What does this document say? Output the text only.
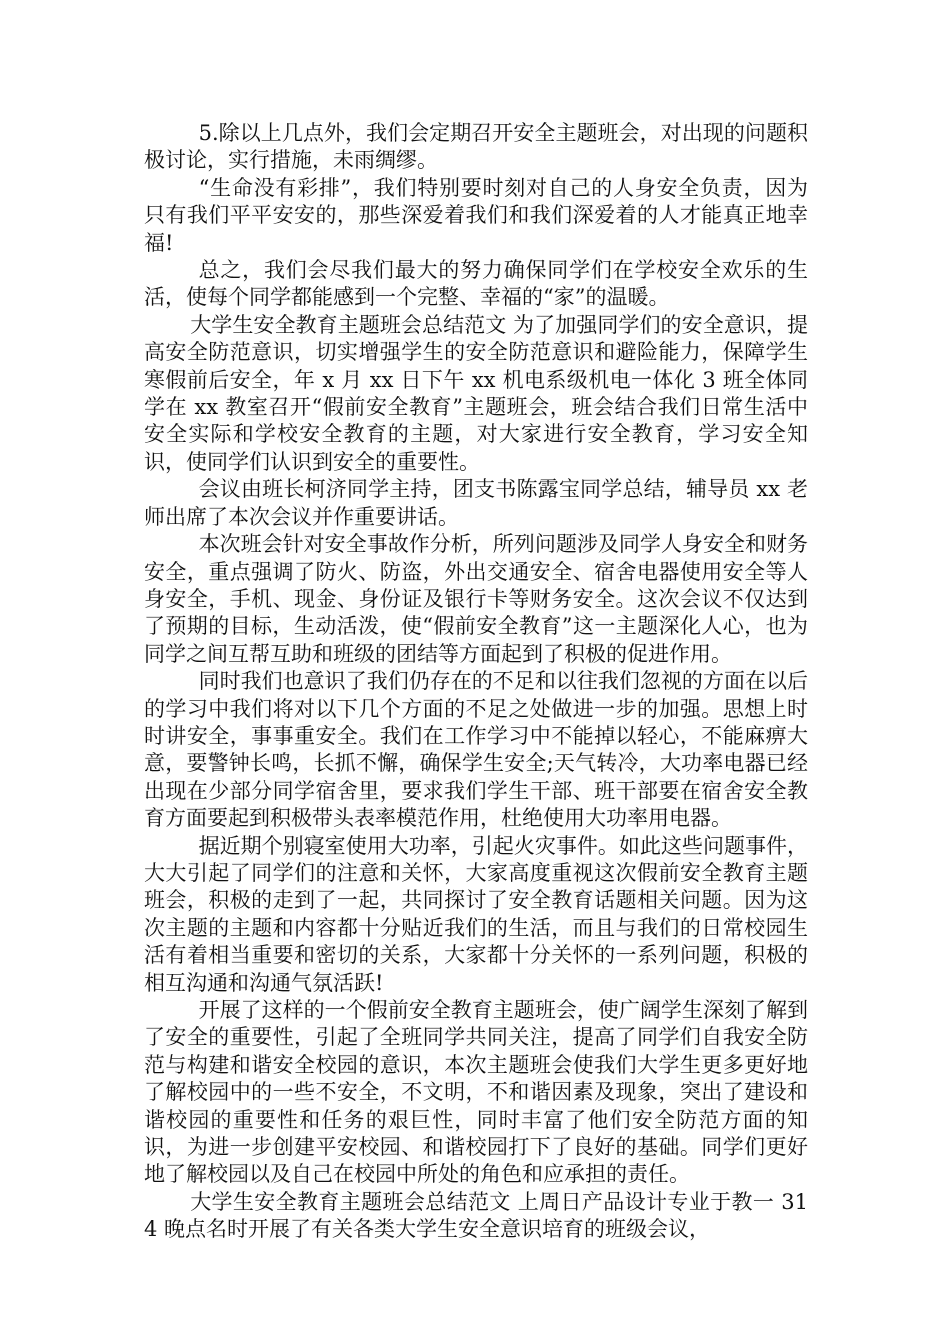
5.除以上几点外，我们会定期召开安全主题班会，对出现的问题积极讨论，实行措施，未雨绸缪。

“生命没有彩排”，我们特别要时刻对自己的人身安全负责，因为只有我们平平安安的，那些深爱着我们和我们深爱着的人才能真正地幸福!

总之，我们会尽我们最大的努力确保同学们在学校安全欢乐的生活，使每个同学都能感到一个完整、幸福的“家”的温暖。

大学生安全教育主题班会总结范文 为了加强同学们的安全意识，提高安全防范意识，切实增强学生的安全防范意识和避险能力，保障学生寒假前后安全，年 x 月 xx 日下午 xx 机电系级机电一体化 3 班全体同学在 xx 教室召开“假前安全教育”主题班会，班会结合我们日常生活中安全实际和学校安全教育的主题，对大家进行安全教育，学习安全知识，使同学们认识到安全的重要性。

会议由班长柯济同学主持，团支书陈露宝同学总结，辅导员 xx 老师出席了本次会议并作重要讲话。

本次班会针对安全事故作分析，所列问题涉及同学人身安全和财务安全，重点强调了防火、防盗，外出交通安全、宿舍电器使用安全等人身安全，手机、现金、身份证及银行卡等财务安全。这次会议不仅达到了预期的目标，生动活泼，使“假前安全教育”这一主题深化人心，也为同学之间互帮互助和班级的团结等方面起到了积极的促进作用。

同时我们也意识了我们仍存在的不足和以往我们忽视的方面在以后的学习中我们将对以下几个方面的不足之处做进一步的加强。思想上时时讲安全，事事重安全。我们在工作学习中不能掉以轻心，不能麻痹大意，要警钟长鸣，长抓不懈，确保学生安全;天气转冷，大功率电器已经出现在少部分同学宿舍里，要求我们学生干部、班干部要在宿舍安全教育方面要起到积极带头表率模范作用，杜绝使用大功率用电器。

据近期个别寝室使用大功率，引起火灾事件。如此这些问题事件，大大引起了同学们的注意和关怀，大家高度重视这次假前安全教育主题班会，积极的走到了一起，共同探讨了安全教育话题相关问题。因为这次主题的主题和内容都十分贴近我们的生活，而且与我们的日常校园生活有着相当重要和密切的关系，大家都十分关怀的一系列问题，积极的相互沟通和沟通气氛活跃!

开展了这样的一个假前安全教育主题班会，使广阔学生深刻了解到了安全的重要性，引起了全班同学共同关注，提高了同学们自我安全防范与构建和谐安全校园的意识，本次主题班会使我们大学生更多更好地了解校园中的一些不安全，不文明，不和谐因素及现象，突出了建设和谐校园的重要性和任务的艰巨性，同时丰富了他们安全防范方面的知识，为进一步创建平安校园、和谐校园打下了良好的基础。同学们更好地了解校园以及自己在校园中所处的角色和应承担的责任。

大学生安全教育主题班会总结范文 上周日产品设计专业于教一 314 晚点名时开展了有关各类大学生安全意识培育的班级会议，
